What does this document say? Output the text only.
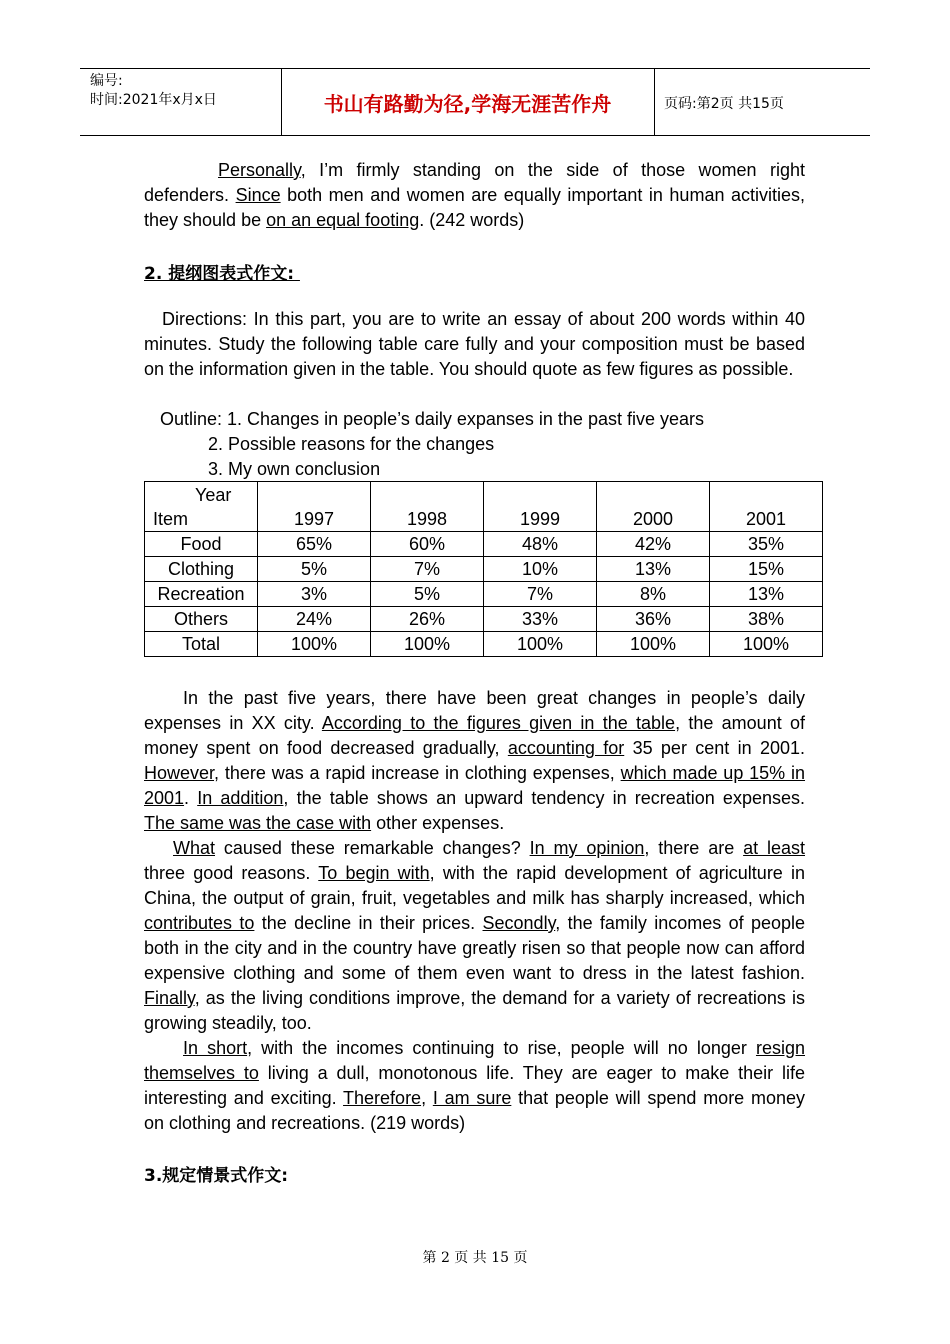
编号:
时间:2021年x月x日	书山有路勤为径,学海无涯苦作舟	页码:第2页 共15页

Personally, I’m firmly standing on the side of those women right defenders. Since both men and women are equally important in human activities, they should be on an equal footing. (242 words)

2. 提纲图表式作文:

Directions: In this part, you are to write an essay of about 200 words within 40 minutes. Study the following table care fully and your composition must be based on the information given in the table. You should quote as few figures as possible.

Outline: 1. Changes in people’s daily expanses in the past five years

2. Possible reasons for the changes

3. My own conclusion

Year
Item	1997	1998	1999	2000	2001
Food	65%	60%	48%	42%	35%
Clothing	5%	7%	10%	13%	15%
Recreation	3%	5%	7%	8%	13%
Others	24%	26%	33%	36%	38%
Total	100%	100%	100%	100%	100%

In the past five years, there have been great changes in people’s daily expenses in XX city. According to the figures given in the table, the amount of money spent on food decreased gradually, accounting for 35 per cent in 2001. However, there was a rapid increase in clothing expenses, which made up 15% in 2001. In addition, the table shows an upward tendency in recreation expenses. The same was the case with other expenses.

What caused these remarkable changes? In my opinion, there are at least three good reasons. To begin with, with the rapid development of agriculture in China, the output of grain, fruit, vegetables and milk has sharply increased, which contributes to the decline in their prices. Secondly, the family incomes of people both in the city and in the country have greatly risen so that people now can afford expensive clothing and some of them even want to dress in the latest fashion. Finally, as the living conditions improve, the demand for a variety of recreations is growing steadily, too.

In short, with the incomes continuing to rise, people will no longer resign themselves to living a dull, monotonous life. They are eager to make their life interesting and exciting. Therefore, I am sure that people will spend more money on clothing and recreations. (219 words)

3.规定情景式作文:
第 2 页 共 15 页
